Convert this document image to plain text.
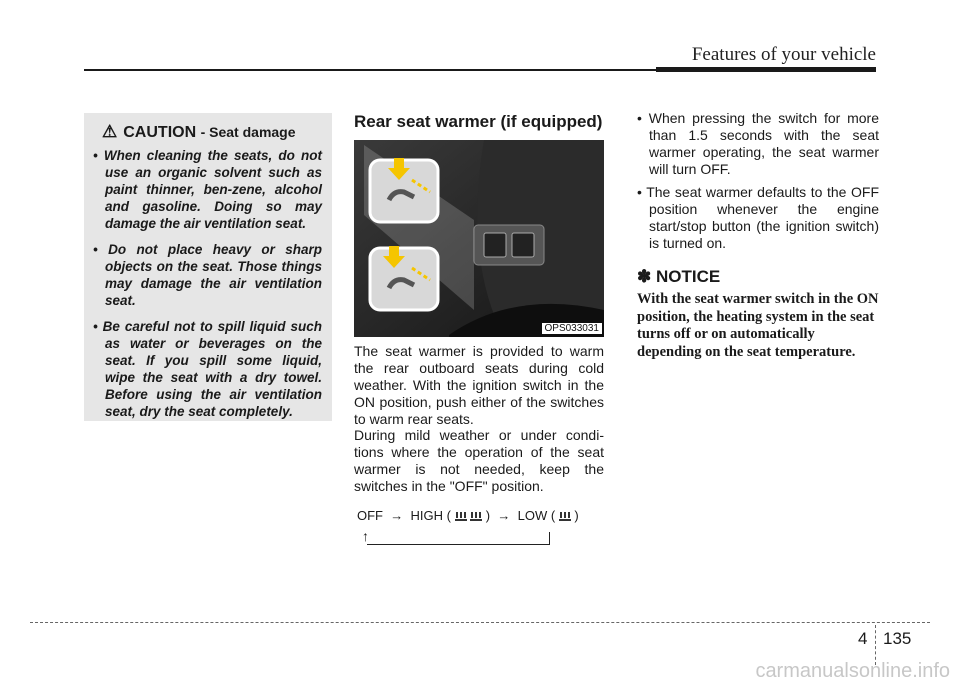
Features of your vehicle
⚠ CAUTION - Seat damage
• When cleaning the seats, do not use an organic solvent such as paint thinner, ben-zene, alcohol and gasoline. Doing so may damage the air ventilation seat.
• Do not place heavy or sharp objects on the seat. Those things may damage the air ventilation seat.
• Be careful not to spill liquid such as water or beverages on the seat. If you spill some liquid, wipe the seat with a dry towel. Before using the air ventilation seat, dry the seat completely.
Rear seat warmer (if equipped)
OPS033031

The seat warmer is provided to warm the rear outboard seats during cold weather. With the ignition switch in the ON position, push either of the switches to warm rear seats.

During mild weather or under condi-tions where the operation of the seat warmer is not needed, keep the switches in the "OFF" position.

OFF → HIGH (	) → LOW ( )
↑
• When pressing the switch for more than 1.5 seconds with the seat warmer operating, the seat warmer will turn OFF.
• The seat warmer defaults to the OFF position whenever the engine start/stop button (the ignition switch) is turned on.
✽ NOTICE

With the seat warmer switch in the ON position, the heating system in the seat turns off or on automatically depending on the seat temperature.

4 135
carmanualsonline.info
